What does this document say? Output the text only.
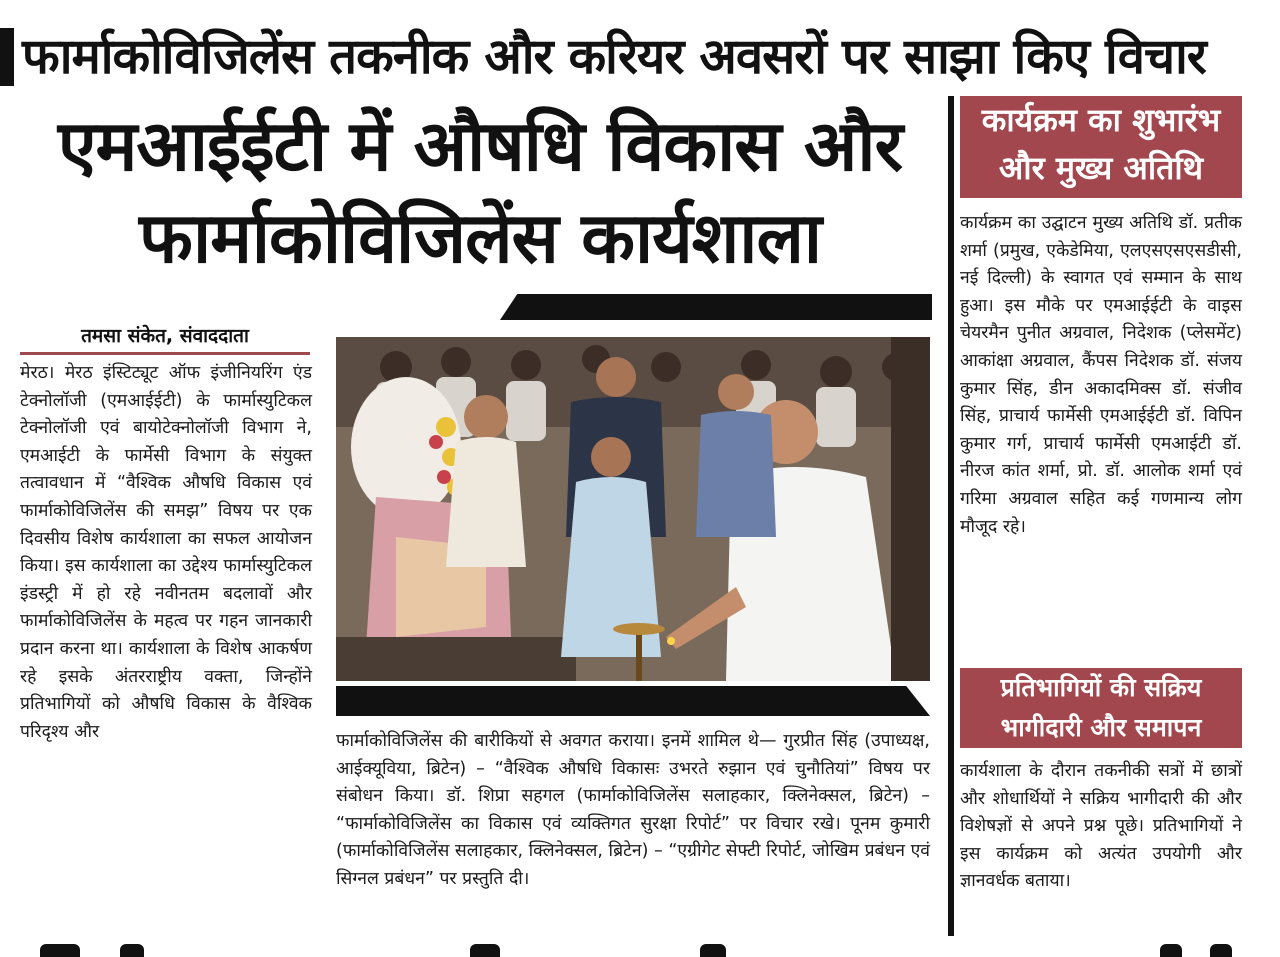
फार्माकोविजिलेंस तकनीक और करियर अवसरों पर साझा किए विचार
एमआईईटी में औषधि विकास और
फार्माकोविजिलेंस कार्यशाला
तमसा संकेत, संवाददाता
मेरठ। मेरठ इंस्टिट्यूट ऑफ इंजीनियरिंग एंड टेक्नोलॉजी (एमआईईटी) के फार्मास्युटिकल टेक्नोलॉजी एवं बायोटेक्नोलॉजी विभाग ने, एमआईटी के फार्मेसी विभाग के संयुक्त तत्वावधान में “वैश्विक औषधि विकास एवं फार्माकोविजिलेंस की समझ” विषय पर एक दिवसीय विशेष कार्यशाला का सफल आयोजन किया। इस कार्यशाला का उद्देश्य फार्मास्युटिकल इंडस्ट्री में हो रहे नवीनतम बदलावों और फार्माकोविजिलेंस के महत्व पर गहन जानकारी प्रदान करना था। कार्यशाला के विशेष आकर्षण रहे इसके अंतरराष्ट्रीय वक्ता, जिन्होंने प्रतिभागियों को औषधि विकास के वैश्विक परिदृश्य और	फार्माकोविजिलेंस की बारीकियों से अवगत कराया। इनमें शामिल थे— गुरप्रीत सिंह (उपाध्यक्ष, आईक्यूविया, ब्रिटेन) – “वैश्विक औषधि विकासः उभरते रुझान एवं चुनौतियां” विषय पर संबोधन किया। डॉ. शिप्रा सहगल (फार्माकोविजिलेंस सलाहकार, क्लिनेक्सल, ब्रिटेन) – “फार्माकोविजिलेंस का विकास एवं व्यक्तिगत सुरक्षा रिपोर्ट” पर विचार रखे। पूनम कुमारी (फार्माकोविजिलेंस सलाहकार, क्लिनेक्सल, ब्रिटेन) – “एग्रीगेट सेफ्टी रिपोर्ट, जोखिम प्रबंधन एवं सिग्नल प्रबंधन” पर प्रस्तुति दी।
कार्यक्रम का शुभारंभ और मुख्य अतिथि
कार्यक्रम का उद्घाटन मुख्य अतिथि डॉ. प्रतीक शर्मा (प्रमुख, एकेडेमिया, एलएसएसएसडीसी, नई दिल्ली) के स्वागत एवं सम्मान के साथ हुआ। इस मौके पर एमआईईटी के वाइस चेयरमैन पुनीत अग्रवाल, निदेशक (प्लेसमेंट) आकांक्षा अग्रवाल, कैंपस निदेशक डॉ. संजय कुमार सिंह, डीन अकादमिक्स डॉ. संजीव सिंह, प्राचार्य फार्मेसी एमआईईटी डॉ. विपिन कुमार गर्ग, प्राचार्य फार्मेसी एमआईटी डॉ. नीरज कांत शर्मा, प्रो. डॉ. आलोक शर्मा एवं गरिमा अग्रवाल सहित कई गणमान्य लोग मौजूद रहे।
प्रतिभागियों की सक्रिय भागीदारी और समापन
कार्यशाला के दौरान तकनीकी सत्रों में छात्रों और शोधार्थियों ने सक्रिय भागीदारी की और विशेषज्ञों से अपने प्रश्न पूछे। प्रतिभागियों ने इस कार्यक्रम को अत्यंत उपयोगी और ज्ञानवर्धक बताया।
